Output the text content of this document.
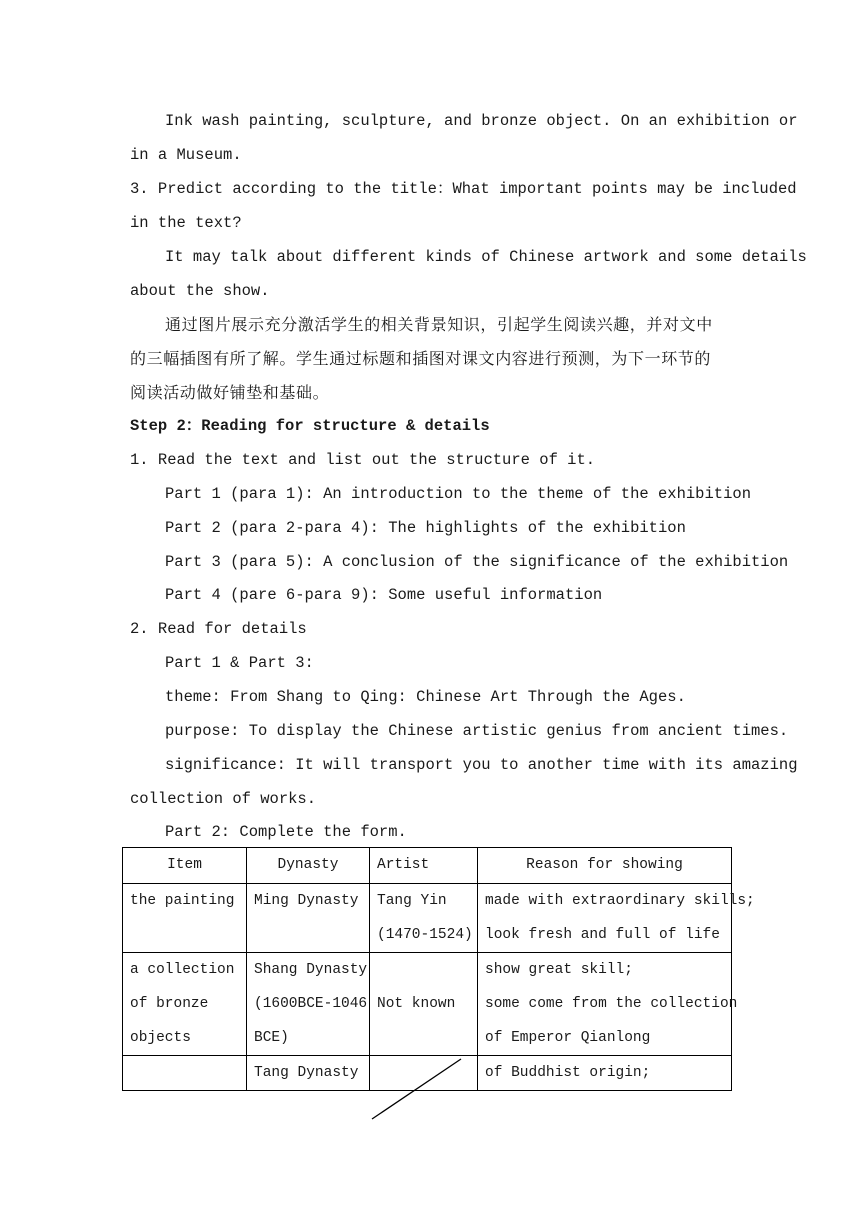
Ink wash painting, sculpture, and bronze object. On an exhibition or
in a Museum.
3. Predict according to the title：What important points may be included
in the text?
It may talk about different kinds of Chinese artwork and some details
about the show.
通过图片展示充分激活学生的相关背景知识，引起学生阅读兴趣，并对文中
的三幅插图有所了解。学生通过标题和插图对课文内容进行预测，为下一环节的
阅读活动做好铺垫和基础。
Step 2：Reading for structure & details
1. Read the text and list out the structure of it.
Part 1 (para 1): An introduction to the theme of the exhibition
Part 2 (para 2-para 4): The highlights of the exhibition
Part 3 (para 5): A conclusion of the significance of the exhibition
Part 4 (pare 6-para 9): Some useful information
2. Read for details
Part 1 & Part 3:
theme: From Shang to Qing: Chinese Art Through the Ages.
purpose: To display the Chinese artistic genius from ancient times.
significance: It will transport you to another time with its amazing
collection of works.
Part 2: Complete the form.
Item	Dynasty	Artist	Reason for showing

the painting	Ming Dynasty	Tang Yin
(1470-1524)	made with extraordinary skills;
look fresh and full of life

a collection
of bronze
objects	Shang Dynasty
(1600BCE-1046
BCE)	Not known	show great skill;
some come from the collection
of Emperor Qianlong

	Tang Dynasty		of Buddhist origin;
